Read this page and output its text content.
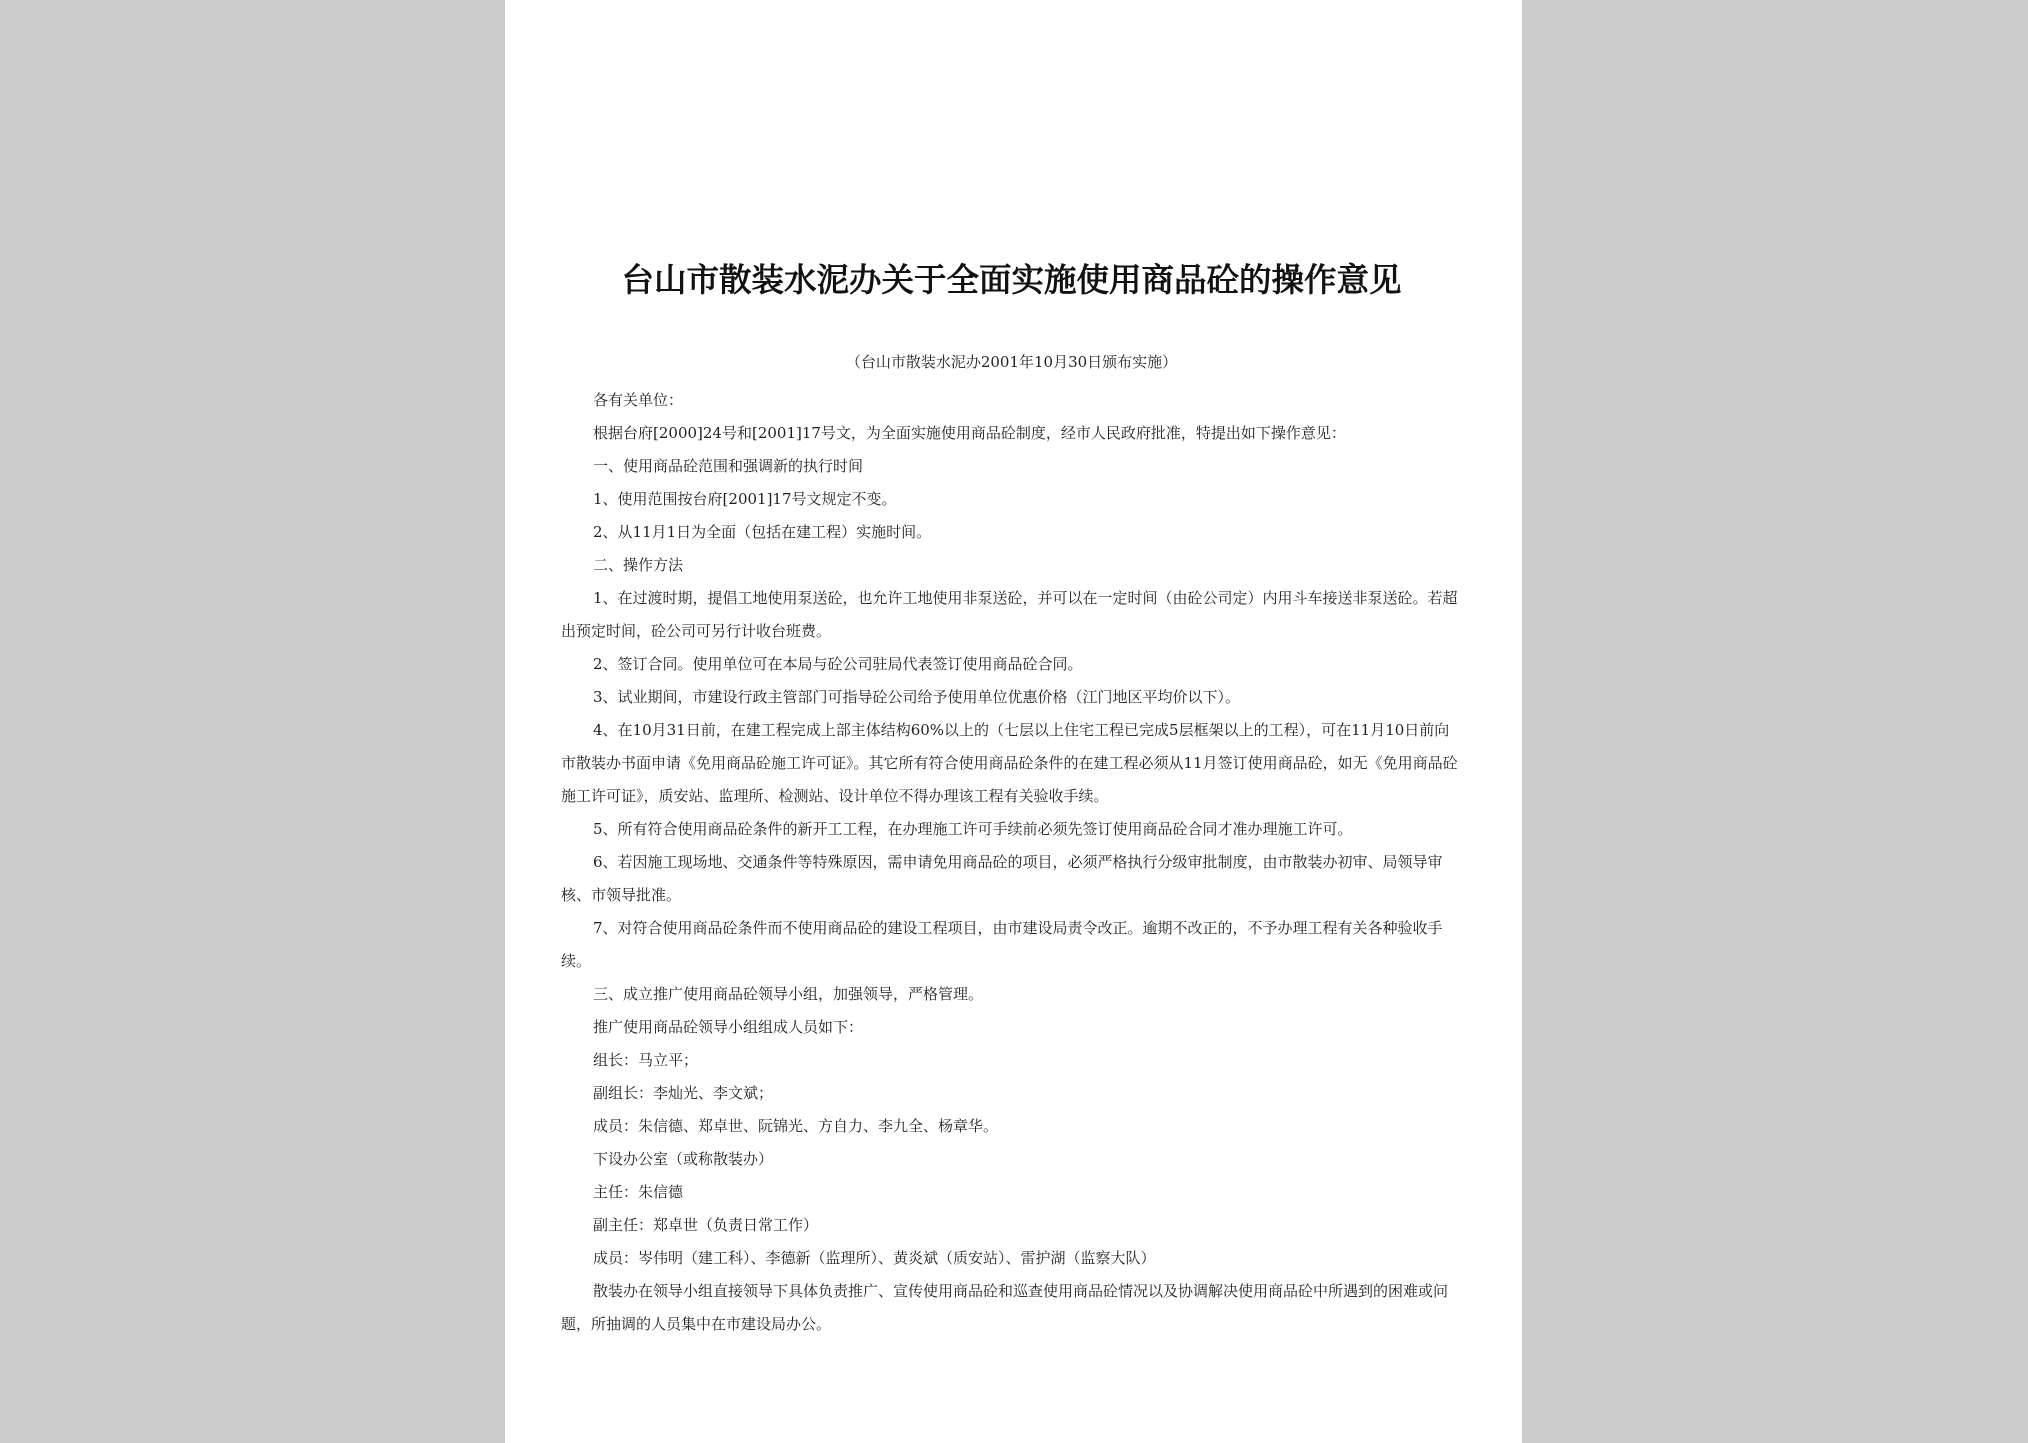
台山市散装水泥办关于全面实施使用商品砼的操作意见
（台山市散装水泥办2001年10月30日颁布实施）

各有关单位：

根据台府[2000]24号和[2001]17号文，为全面实施使用商品砼制度，经市人民政府批准，特提出如下操作意见：

一、使用商品砼范围和强调新的执行时间

1、使用范围按台府[2001]17号文规定不变。

2、从11月1日为全面（包括在建工程）实施时间。

二、操作方法

1、在过渡时期，提倡工地使用泵送砼，也允许工地使用非泵送砼，并可以在一定时间（由砼公司定）内用斗车接送非泵送砼。若超出预定时间，砼公司可另行计收台班费。

2、签订合同。使用单位可在本局与砼公司驻局代表签订使用商品砼合同。

3、试业期间，市建设行政主管部门可指导砼公司给予使用单位优惠价格（江门地区平均价以下）。

4、在10月31日前，在建工程完成上部主体结构60%以上的（七层以上住宅工程已完成5层框架以上的工程），可在11月10日前向市散装办书面申请《免用商品砼施工许可证》。其它所有符合使用商品砼条件的在建工程必须从11月签订使用商品砼，如无《免用商品砼施工许可证》，质安站、监理所、检测站、设计单位不得办理该工程有关验收手续。

5、所有符合使用商品砼条件的新开工工程，在办理施工许可手续前必须先签订使用商品砼合同才准办理施工许可。

6、若因施工现场地、交通条件等特殊原因，需申请免用商品砼的项目，必须严格执行分级审批制度，由市散装办初审、局领导审核、市领导批准。

7、对符合使用商品砼条件而不使用商品砼的建设工程项目，由市建设局责令改正。逾期不改正的，不予办理工程有关各种验收手续。

三、成立推广使用商品砼领导小组，加强领导，严格管理。

推广使用商品砼领导小组组成人员如下：

组长：马立平；

副组长：李灿光、李文斌；

成员：朱信德、郑卓世、阮锦光、方自力、李九全、杨章华。

下设办公室（或称散装办）

主任：朱信德

副主任：郑卓世（负责日常工作）

成员：岑伟明（建工科）、李德新（监理所）、黄炎斌（质安站）、雷护湖（监察大队）

散装办在领导小组直接领导下具体负责推广、宣传使用商品砼和巡查使用商品砼情况以及协调解决使用商品砼中所遇到的困难或问题，所抽调的人员集中在市建设局办公。
